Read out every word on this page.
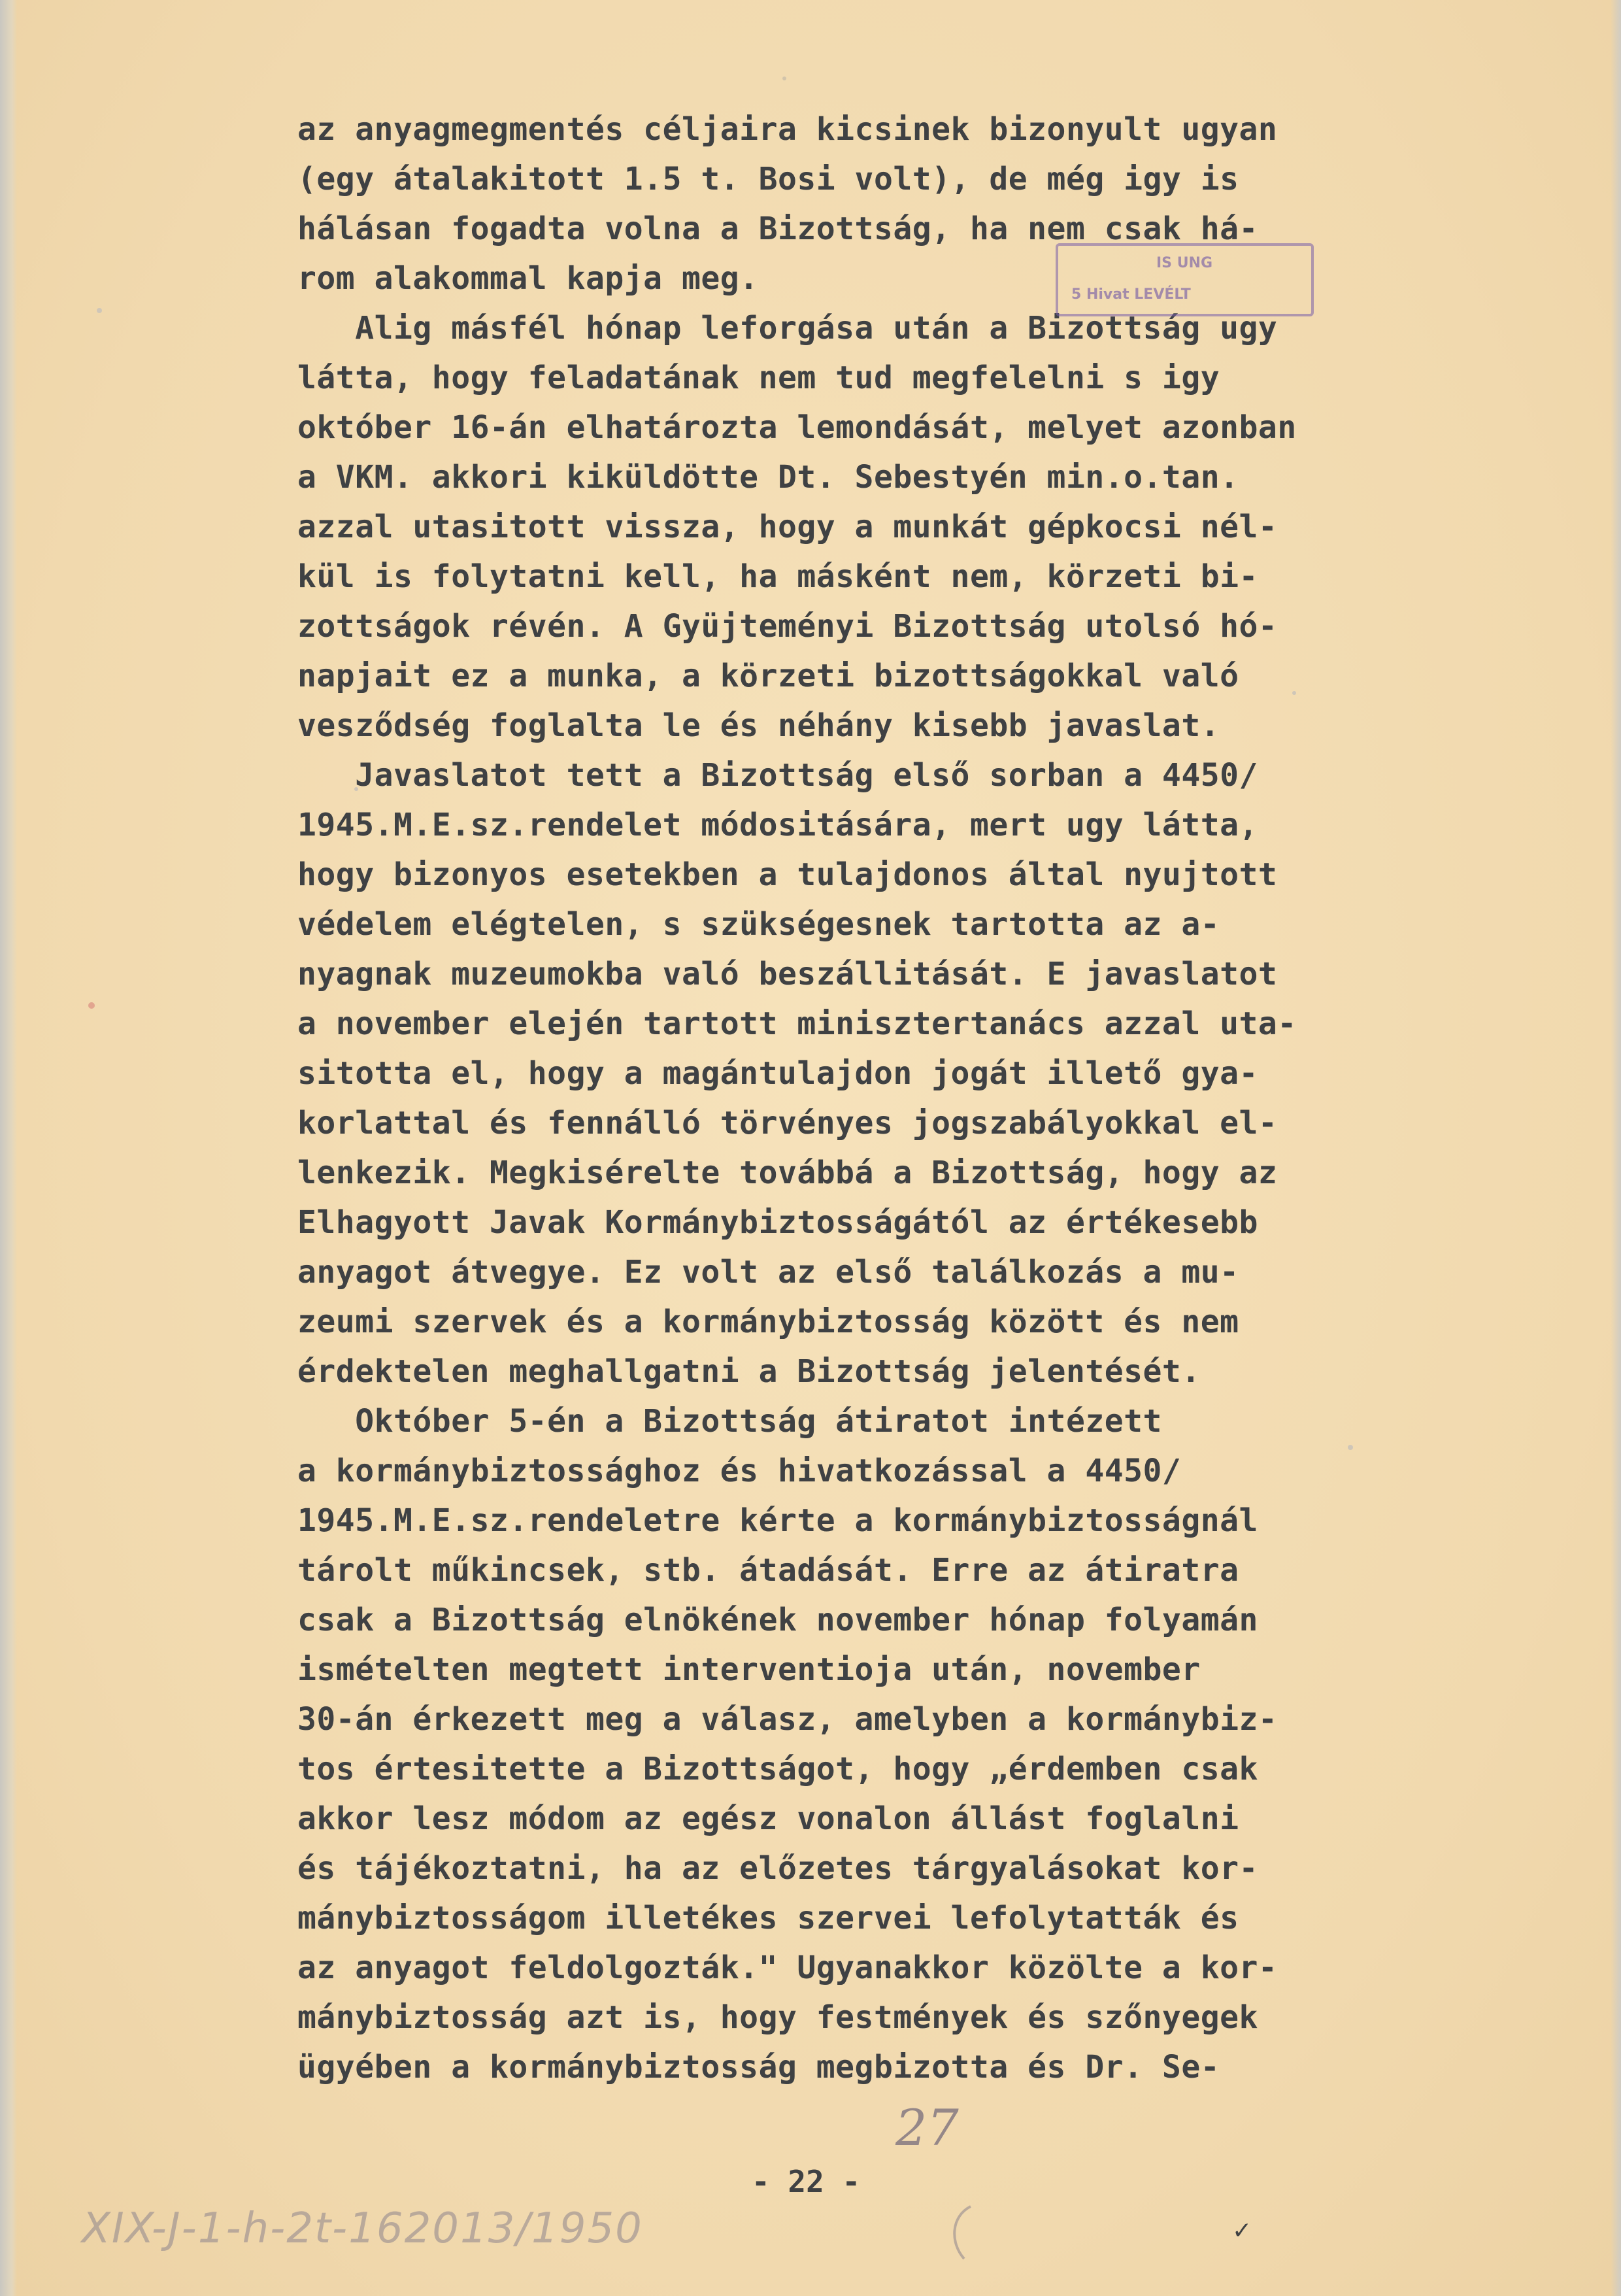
az anyagmegmentés céljaira kicsinek bizonyult ugyan
(egy átalakitott 1.5 t. Bosi volt), de még igy is
hálásan fogadta volna a Bizottság, ha nem csak há-
rom alakommal kapja meg.
Alig másfél hónap leforgása után a Bizottság ugy
látta, hogy feladatának nem tud megfelelni s igy
október 16-án elhatározta lemondását, melyet azonban
a VKM. akkori kiküldötte Dt. Sebestyén min.o.tan.
azzal utasitott vissza, hogy a munkát gépkocsi nél-
kül is folytatni kell, ha másként nem, körzeti bi-
zottságok révén. A Gyüjteményi Bizottság utolsó hó-
napjait ez a munka, a körzeti bizottságokkal való
vesződség foglalta le és néhány kisebb javaslat.
Javaslatot tett a Bizottság első sorban a 4450/
1945.M.E.sz.rendelet módositására, mert ugy látta,
hogy bizonyos esetekben a tulajdonos által nyujtott
védelem elégtelen, s szükségesnek tartotta az a-
nyagnak muzeumokba való beszállitását. E javaslatot
a november elején tartott minisztertanács azzal uta-
sitotta el, hogy a magántulajdon jogát illető gya-
korlattal és fennálló törvényes jogszabályokkal el-
lenkezik. Megkisérelte továbbá a Bizottság, hogy az
Elhagyott Javak Kormánybiztosságától az értékesebb
anyagot átvegye. Ez volt az első találkozás a mu-
zeumi szervek és a kormánybiztosság között és nem
érdektelen meghallgatni a Bizottság jelentését.
Október 5-én a Bizottság átiratot intézett
a kormánybiztossághoz és hivatkozással a 4450/
1945.M.E.sz.rendeletre kérte a kormánybiztosságnál
tárolt műkincsek, stb. átadását. Erre az átiratra
csak a Bizottság elnökének november hónap folyamán
ismételten megtett interventioja után, november
30-án érkezett meg a válasz, amelyben a kormánybiz-
tos értesitette a Bizottságot, hogy „érdemben csak
akkor lesz módom az egész vonalon állást foglalni
és tájékoztatni, ha az előzetes tárgyalásokat kor-
mánybiztosságom illetékes szervei lefolytatták és
az anyagot feldolgozták." Ugyanakkor közölte a kor-
mánybiztosság azt is, hogy festmények és szőnyegek
ügyében a kormánybiztosság megbizotta és Dr. Se-
IS UNG
5 Hivat LEVÉLT
27
- 22 -
XIX-J-1-h-2t-162013/1950	✓
